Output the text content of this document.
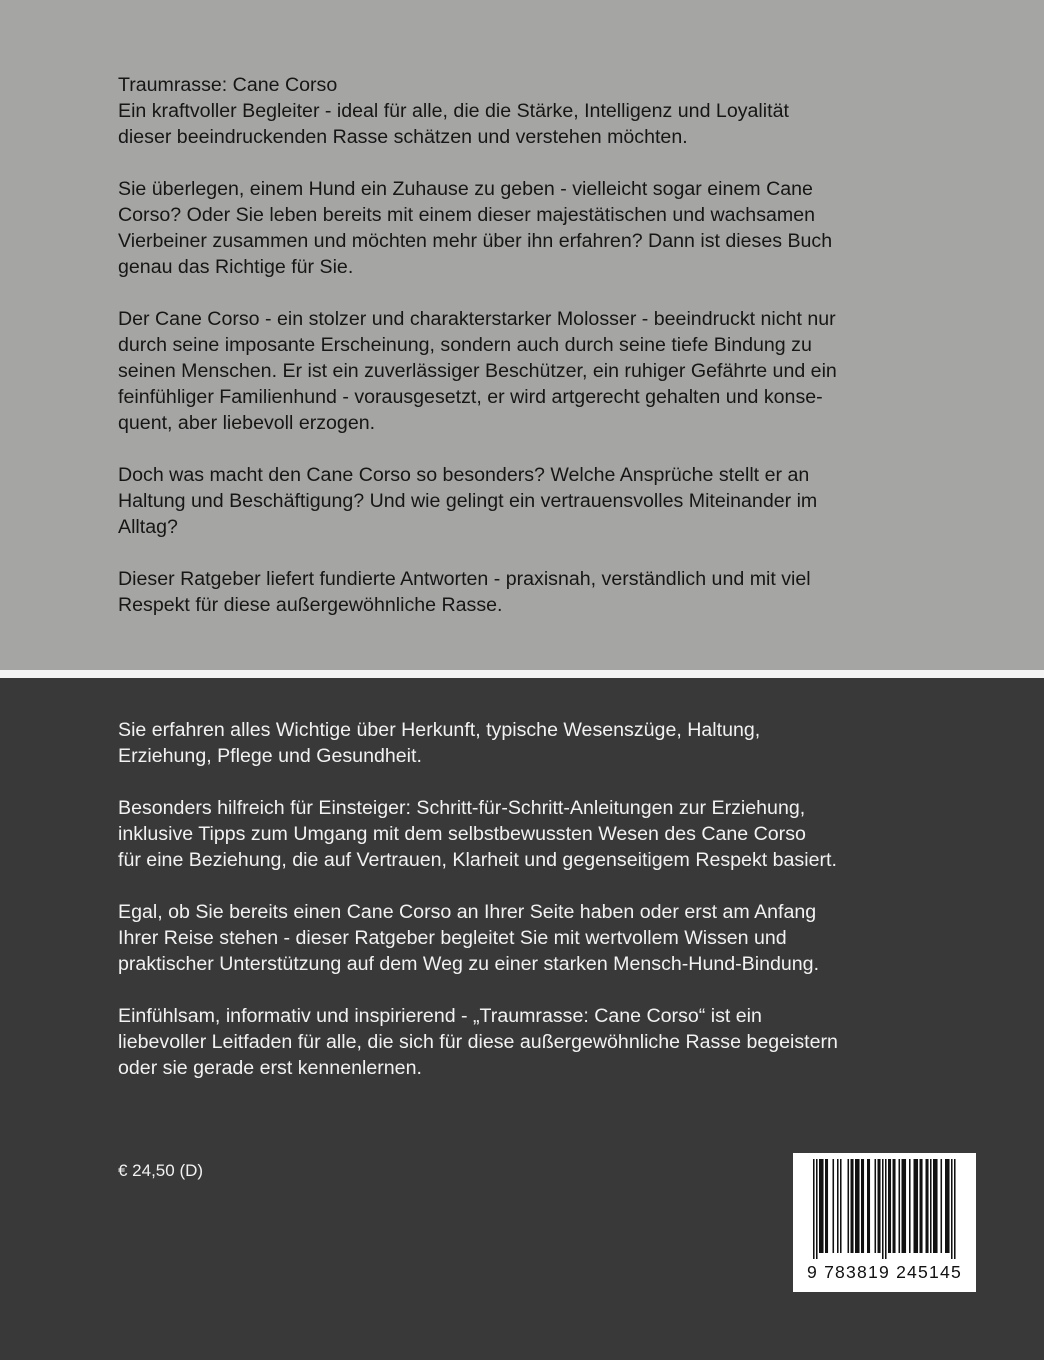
Traumrasse: Cane Corso
Ein kraftvoller Begleiter - ideal für alle, die die Stärke, Intelligenz und Loyalität
dieser beeindruckenden Rasse schätzen und verstehen möchten.

Sie überlegen, einem Hund ein Zuhause zu geben - vielleicht sogar einem Cane
Corso? Oder Sie leben bereits mit einem dieser majestätischen und wachsamen
Vierbeiner zusammen und möchten mehr über ihn erfahren? Dann ist dieses Buch
genau das Richtige für Sie.

Der Cane Corso - ein stolzer und charakterstarker Molosser - beeindruckt nicht nur
durch seine imposante Erscheinung, sondern auch durch seine tiefe Bindung zu
seinen Menschen. Er ist ein zuverlässiger Beschützer, ein ruhiger Gefährte und ein
feinfühliger Familienhund - vorausgesetzt, er wird artgerecht gehalten und konse-
quent, aber liebevoll erzogen.

Doch was macht den Cane Corso so besonders? Welche Ansprüche stellt er an
Haltung und Beschäftigung? Und wie gelingt ein vertrauensvolles Miteinander im
Alltag?

Dieser Ratgeber liefert fundierte Antworten - praxisnah, verständlich und mit viel
Respekt für diese außergewöhnliche Rasse.

Sie erfahren alles Wichtige über Herkunft, typische Wesenszüge, Haltung,
Erziehung, Pflege und Gesundheit.

Besonders hilfreich für Einsteiger: Schritt-für-Schritt-Anleitungen zur Erziehung,
inklusive Tipps zum Umgang mit dem selbstbewussten Wesen des Cane Corso
für eine Beziehung, die auf Vertrauen, Klarheit und gegenseitigem Respekt basiert.

Egal, ob Sie bereits einen Cane Corso an Ihrer Seite haben oder erst am Anfang
Ihrer Reise stehen - dieser Ratgeber begleitet Sie mit wertvollem Wissen und
praktischer Unterstützung auf dem Weg zu einer starken Mensch-Hund-Bindung.

Einfühlsam, informativ und inspirierend - „Traumrasse: Cane Corso“ ist ein
liebevoller Leitfaden für alle, die sich für diese außergewöhnliche Rasse begeistern
oder sie gerade erst kennenlernen.

€ 24,50 (D)
9 783819 245145
